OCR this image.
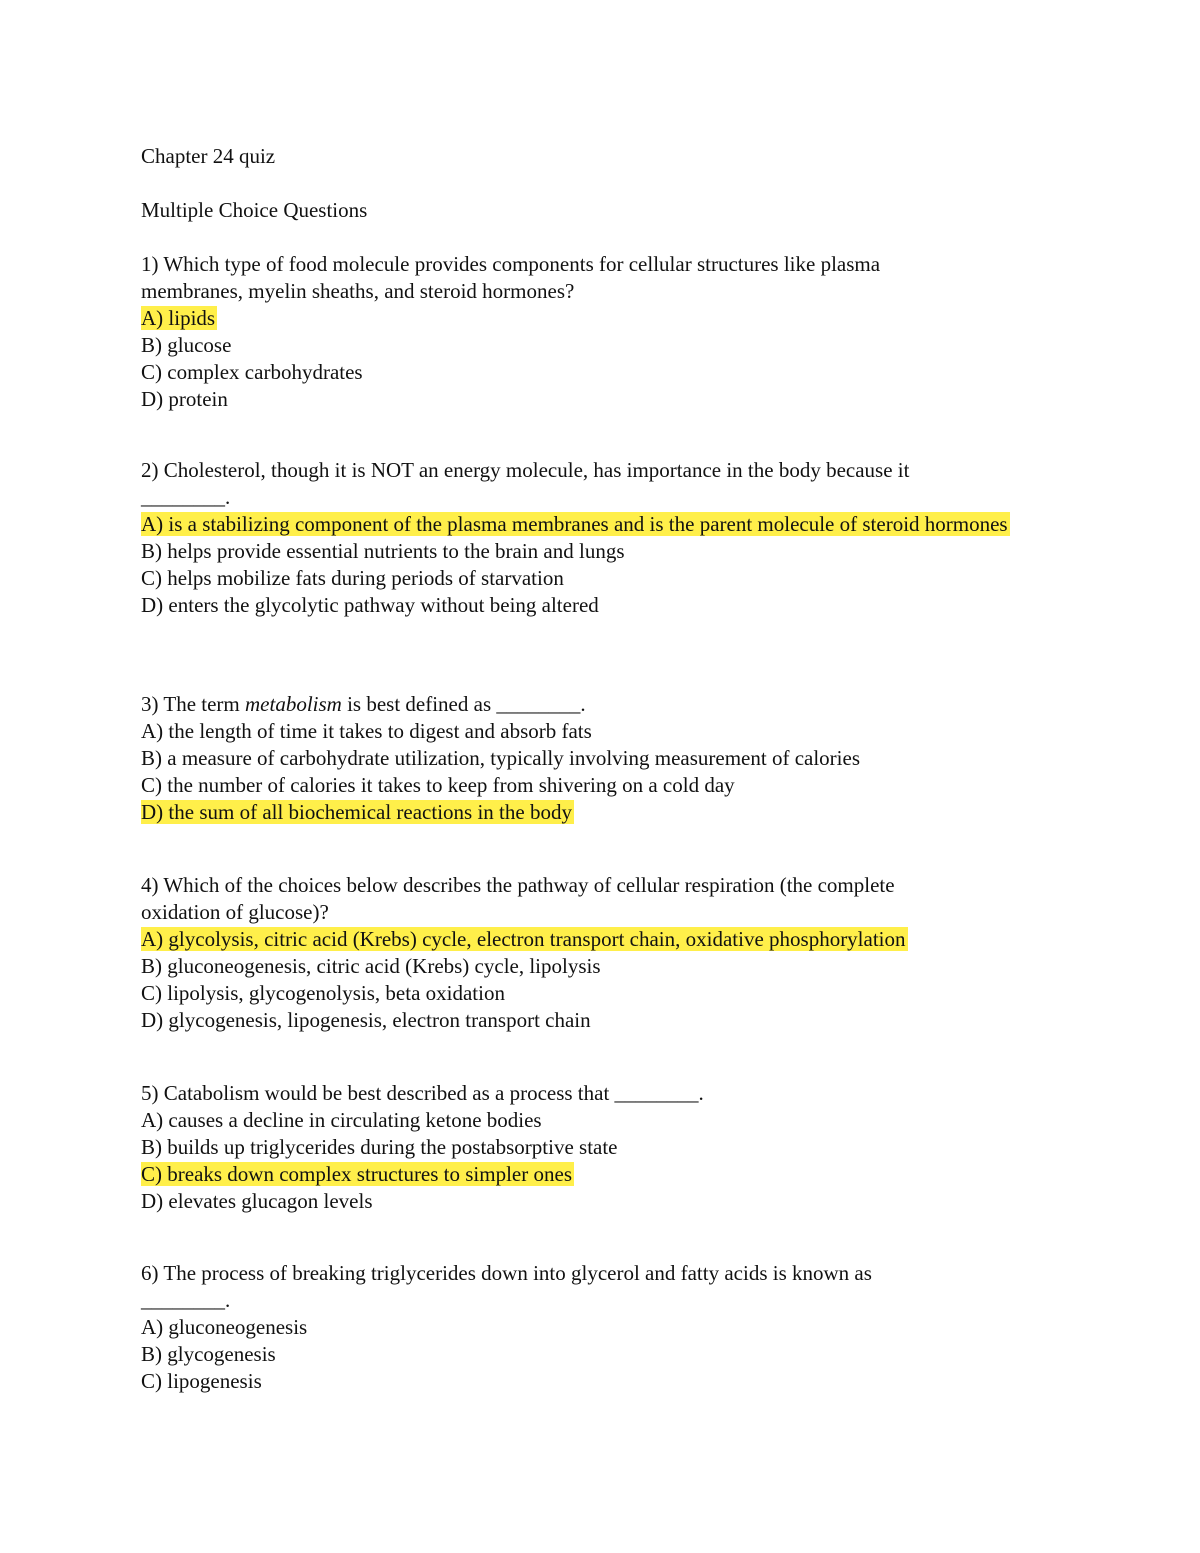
Chapter 24 quiz
Multiple Choice Questions

1) Which type of food molecule provides components for cellular structures like plasma
membranes, myelin sheaths, and steroid hormones?

A) lipids

B) glucose
C) complex carbohydrates
D) protein

2) Cholesterol, though it is NOT an energy molecule, has importance in the body because it
________.

A) is a stabilizing component of the plasma membranes and is the parent molecule of steroid hormones

B) helps provide essential nutrients to the brain and lungs
C) helps mobilize fats during periods of starvation
D) enters the glycolytic pathway without being altered

3) The term metabolism is best defined as ________.

A) the length of time it takes to digest and absorb fats
B) a measure of carbohydrate utilization, typically involving measurement of calories
C) the number of calories it takes to keep from shivering on a cold day

D) the sum of all biochemical reactions in the body

4) Which of the choices below describes the pathway of cellular respiration (the complete
oxidation of glucose)?

A) glycolysis, citric acid (Krebs) cycle, electron transport chain, oxidative phosphorylation

B) gluconeogenesis, citric acid (Krebs) cycle, lipolysis
C) lipolysis, glycogenolysis, beta oxidation
D) glycogenesis, lipogenesis, electron transport chain

5) Catabolism would be best described as a process that ________.

A) causes a decline in circulating ketone bodies
B) builds up triglycerides during the postabsorptive state

C) breaks down complex structures to simpler ones

D) elevates glucagon levels

6) The process of breaking triglycerides down into glycerol and fatty acids is known as
________.

A) gluconeogenesis
B) glycogenesis
C) lipogenesis
